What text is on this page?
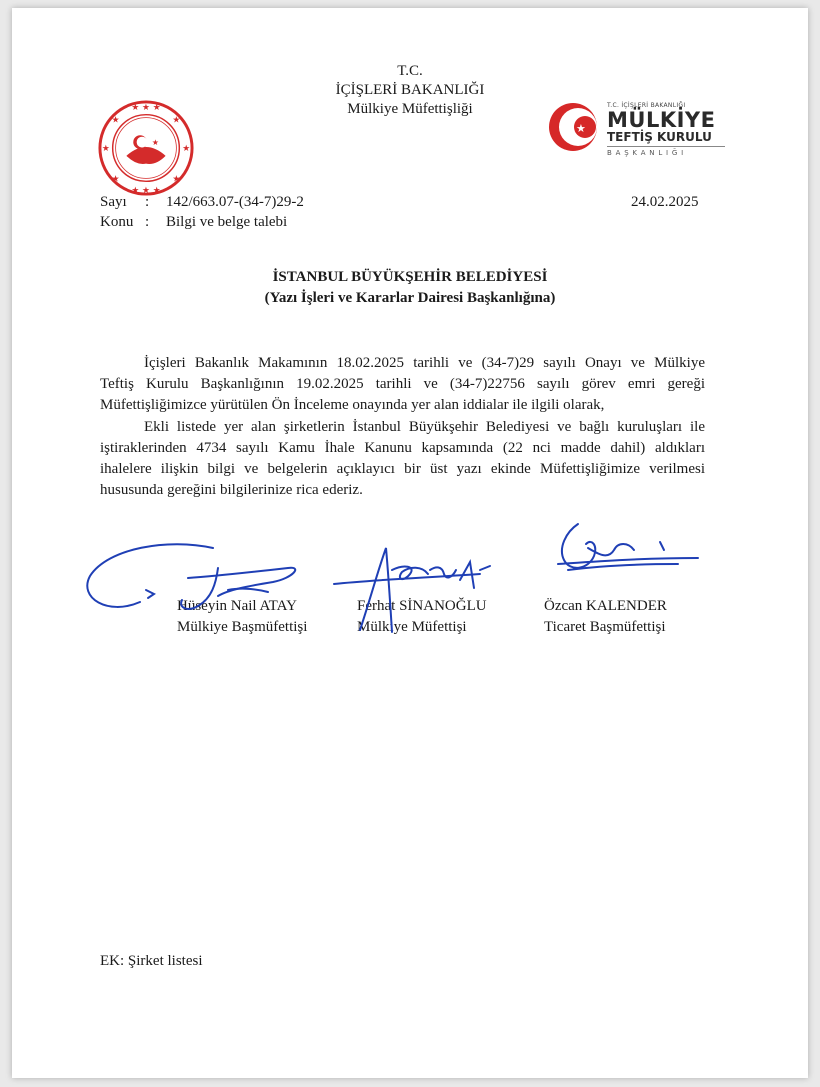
T.C.
İÇİŞLERİ BAKANLIĞI
Mülkiye Müfettişliği
★ ★ ★
★ ★ ★
★	★
★	★
★	★
★
★
T.C. İÇİŞLERİ BAKANLIĞI
MÜLKİYE
TEFTİŞ KURULU
BAŞKANLIĞI
Sayı : 142/663.07-(34-7)29-2
Konu : Bilgi ve belge talebi
24.02.2025
İSTANBUL BÜYÜKŞEHİR BELEDİYESİ
(Yazı İşleri ve Kararlar Dairesi Başkanlığına)
İçişleri Bakanlık Makamının 18.02.2025 tarihli ve (34-7)29 sayılı Onayı ve Mülkiye
Teftiş Kurulu Başkanlığının 19.02.2025 tarihli ve (34-7)22756 sayılı görev emri gereği
Müfettişliğimizce yürütülen Ön İnceleme onayında yer alan iddialar ile ilgili olarak,
Ekli listede yer alan şirketlerin İstanbul Büyükşehir Belediyesi ve bağlı kuruluşları ile
iştiraklerinden 4734 sayılı Kamu İhale Kanunu kapsamında (22 nci madde dahil) aldıkları
ihalelere ilişkin bilgi ve belgelerin açıklayıcı bir üst yazı ekinde Müfettişliğimize verilmesi
hususunda gereğini bilgilerinize rica ederiz.
Hüseyin Nail ATAY
Mülkiye Başmüfettişi
Ferhat SİNANOĞLU
Mülkiye Müfettişi
Özcan KALENDER
Ticaret Başmüfettişi
EK: Şirket listesi
